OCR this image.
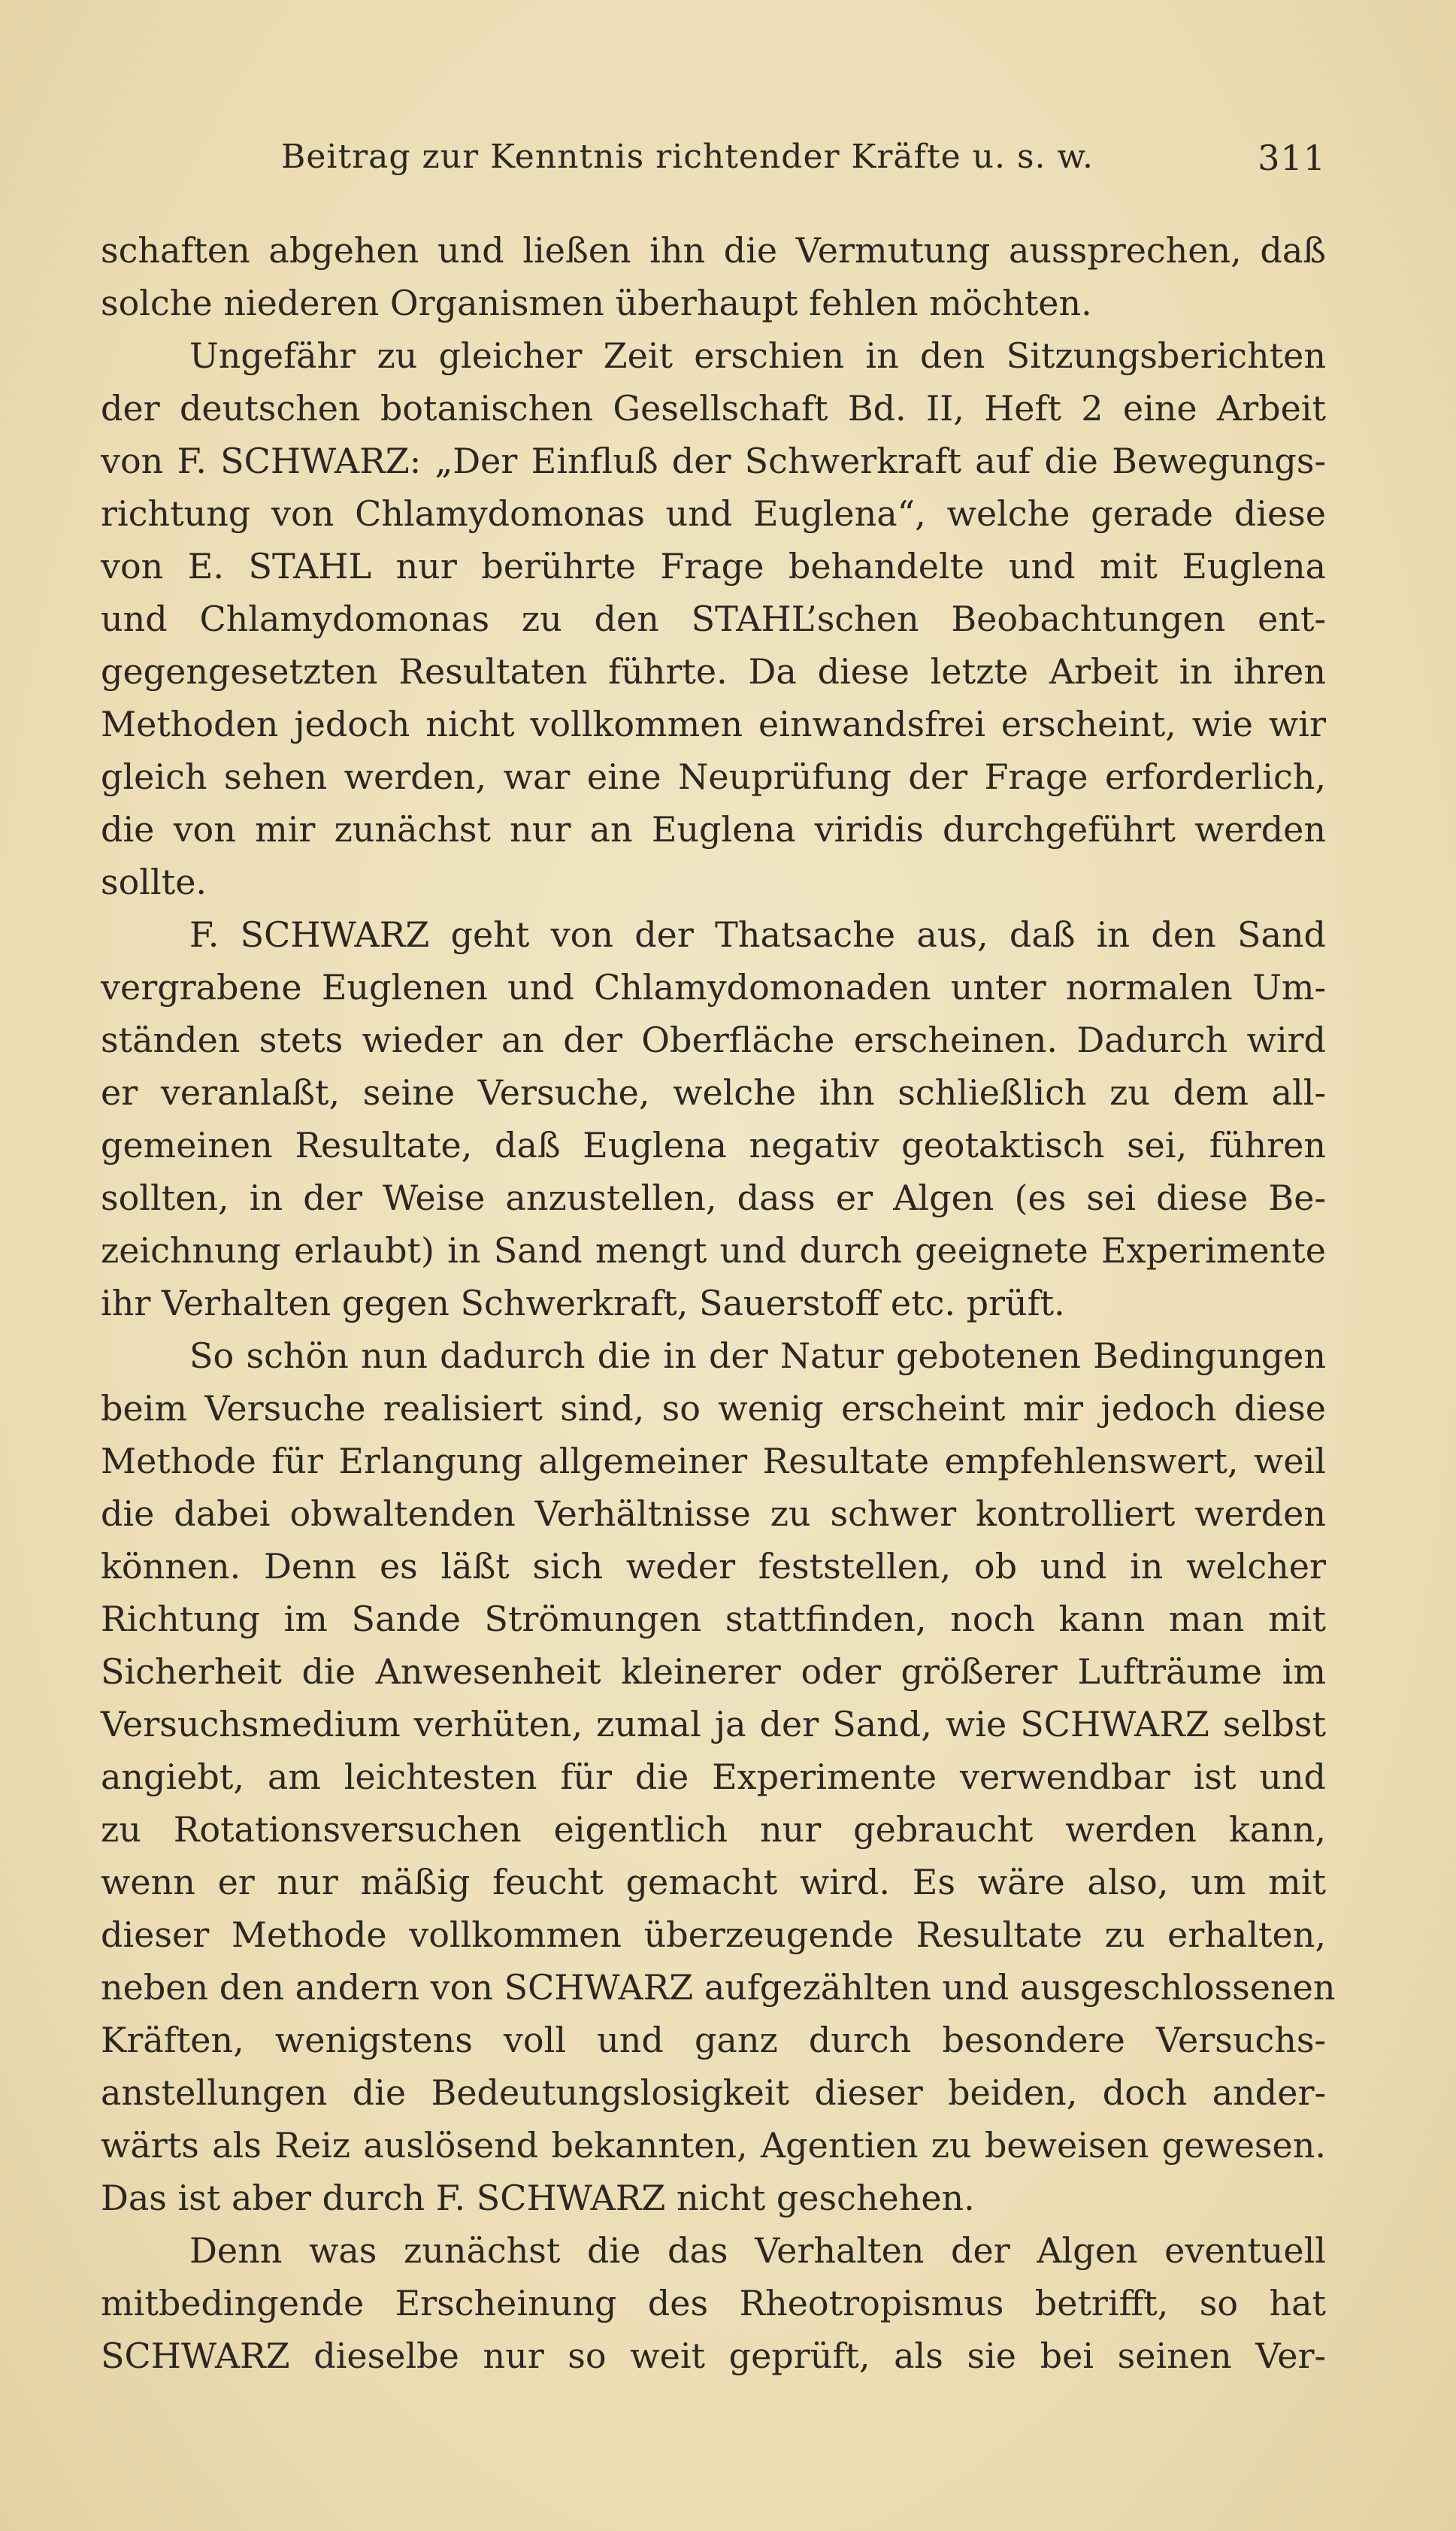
Beitrag zur Kenntnis richtender Kräfte u. s. w.	311
schaften abgehen und ließen ihn die Vermutung aussprechen, daß
solche niederen Organismen überhaupt fehlen möchten.
Ungefähr zu gleicher Zeit erschien in den Sitzungsberichten
der deutschen botanischen Gesellschaft Bd. II, Heft 2 eine Arbeit
von F. SCHWARZ: „Der Einfluß der Schwerkraft auf die Bewegungs-
richtung von Chlamydomonas und Euglena“, welche gerade diese
von E. STAHL nur berührte Frage behandelte und mit Euglena
und Chlamydomonas zu den STAHL’schen Beobachtungen ent-
gegengesetzten Resultaten führte. Da diese letzte Arbeit in ihren
Methoden jedoch nicht vollkommen einwandsfrei erscheint, wie wir
gleich sehen werden, war eine Neuprüfung der Frage erforderlich,
die von mir zunächst nur an Euglena viridis durchgeführt werden
sollte.
F. SCHWARZ geht von der Thatsache aus, daß in den Sand
vergrabene Euglenen und Chlamydomonaden unter normalen Um-
ständen stets wieder an der Oberfläche erscheinen. Dadurch wird
er veranlaßt, seine Versuche, welche ihn schließlich zu dem all-
gemeinen Resultate, daß Euglena negativ geotaktisch sei, führen
sollten, in der Weise anzustellen, dass er Algen (es sei diese Be-
zeichnung erlaubt) in Sand mengt und durch geeignete Experimente
ihr Verhalten gegen Schwerkraft, Sauerstoff etc. prüft.
So schön nun dadurch die in der Natur gebotenen Bedingungen
beim Versuche realisiert sind, so wenig erscheint mir jedoch diese
Methode für Erlangung allgemeiner Resultate empfehlenswert, weil
die dabei obwaltenden Verhältnisse zu schwer kontrolliert werden
können. Denn es läßt sich weder feststellen, ob und in welcher
Richtung im Sande Strömungen stattfinden, noch kann man mit
Sicherheit die Anwesenheit kleinerer oder größerer Lufträume im
Versuchsmedium verhüten, zumal ja der Sand, wie SCHWARZ selbst
angiebt, am leichtesten für die Experimente verwendbar ist und
zu Rotationsversuchen eigentlich nur gebraucht werden kann,
wenn er nur mäßig feucht gemacht wird. Es wäre also, um mit
dieser Methode vollkommen überzeugende Resultate zu erhalten,
neben den andern von SCHWARZ aufgezählten und ausgeschlossenen
Kräften, wenigstens voll und ganz durch besondere Versuchs-
anstellungen die Bedeutungslosigkeit dieser beiden, doch ander-
wärts als Reiz auslösend bekannten, Agentien zu beweisen gewesen.
Das ist aber durch F. SCHWARZ nicht geschehen.
Denn was zunächst die das Verhalten der Algen eventuell
mitbedingende Erscheinung des Rheotropismus betrifft, so hat
SCHWARZ dieselbe nur so weit geprüft, als sie bei seinen Ver-
